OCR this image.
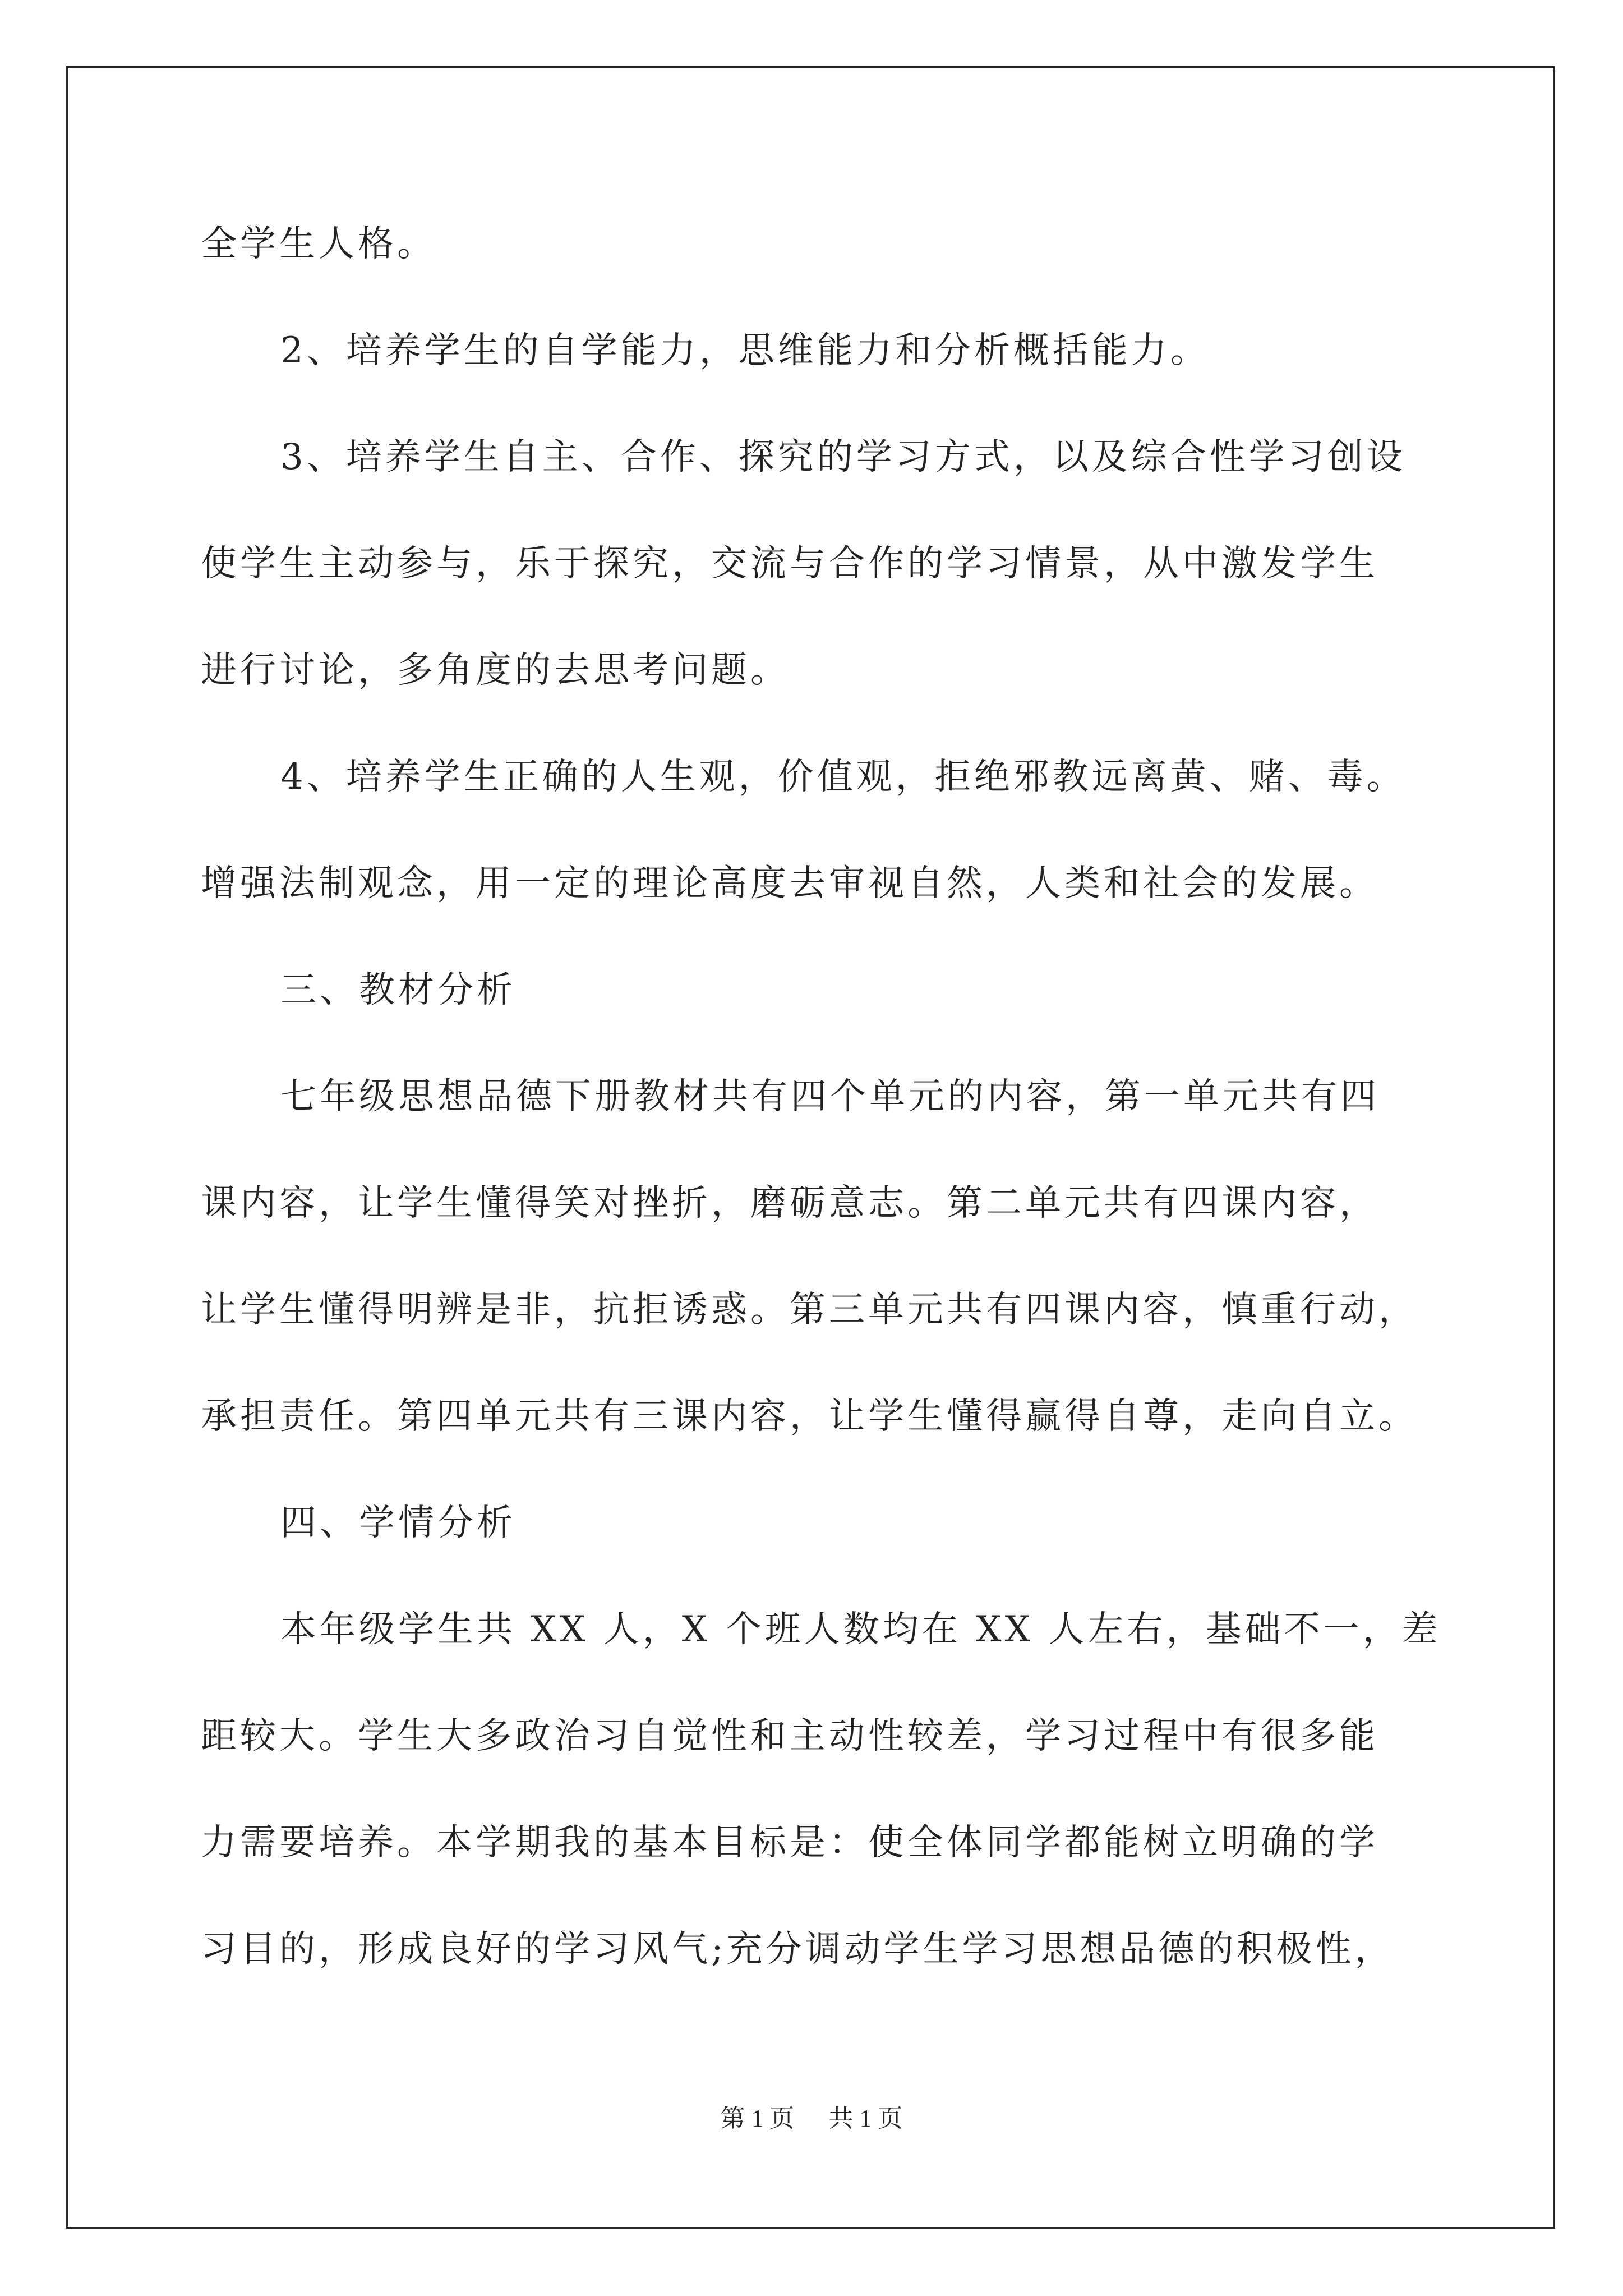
全学生人格。

2、培养学生的自学能力，思维能力和分析概括能力。

3、培养学生自主、合作、探究的学习方式，以及综合性学习创设

使学生主动参与，乐于探究，交流与合作的学习情景，从中激发学生

进行讨论，多角度的去思考问题。

4、培养学生正确的人生观，价值观，拒绝邪教远离黄、赌、毒。

增强法制观念，用一定的理论高度去审视自然，人类和社会的发展。

三、教材分析

七年级思想品德下册教材共有四个单元的内容，第一单元共有四

课内容，让学生懂得笑对挫折，磨砺意志。第二单元共有四课内容，

让学生懂得明辨是非，抗拒诱惑。第三单元共有四课内容，慎重行动，

承担责任。第四单元共有三课内容，让学生懂得赢得自尊，走向自立。

四、学情分析

本年级学生共 XX 人，X 个班人数均在 XX 人左右，基础不一，差

距较大。学生大多政治习自觉性和主动性较差，学习过程中有很多能

力需要培养。本学期我的基本目标是：使全体同学都能树立明确的学

习目的，形成良好的学习风气;充分调动学生学习思想品德的积极性，

第 1 页 共 1 页
